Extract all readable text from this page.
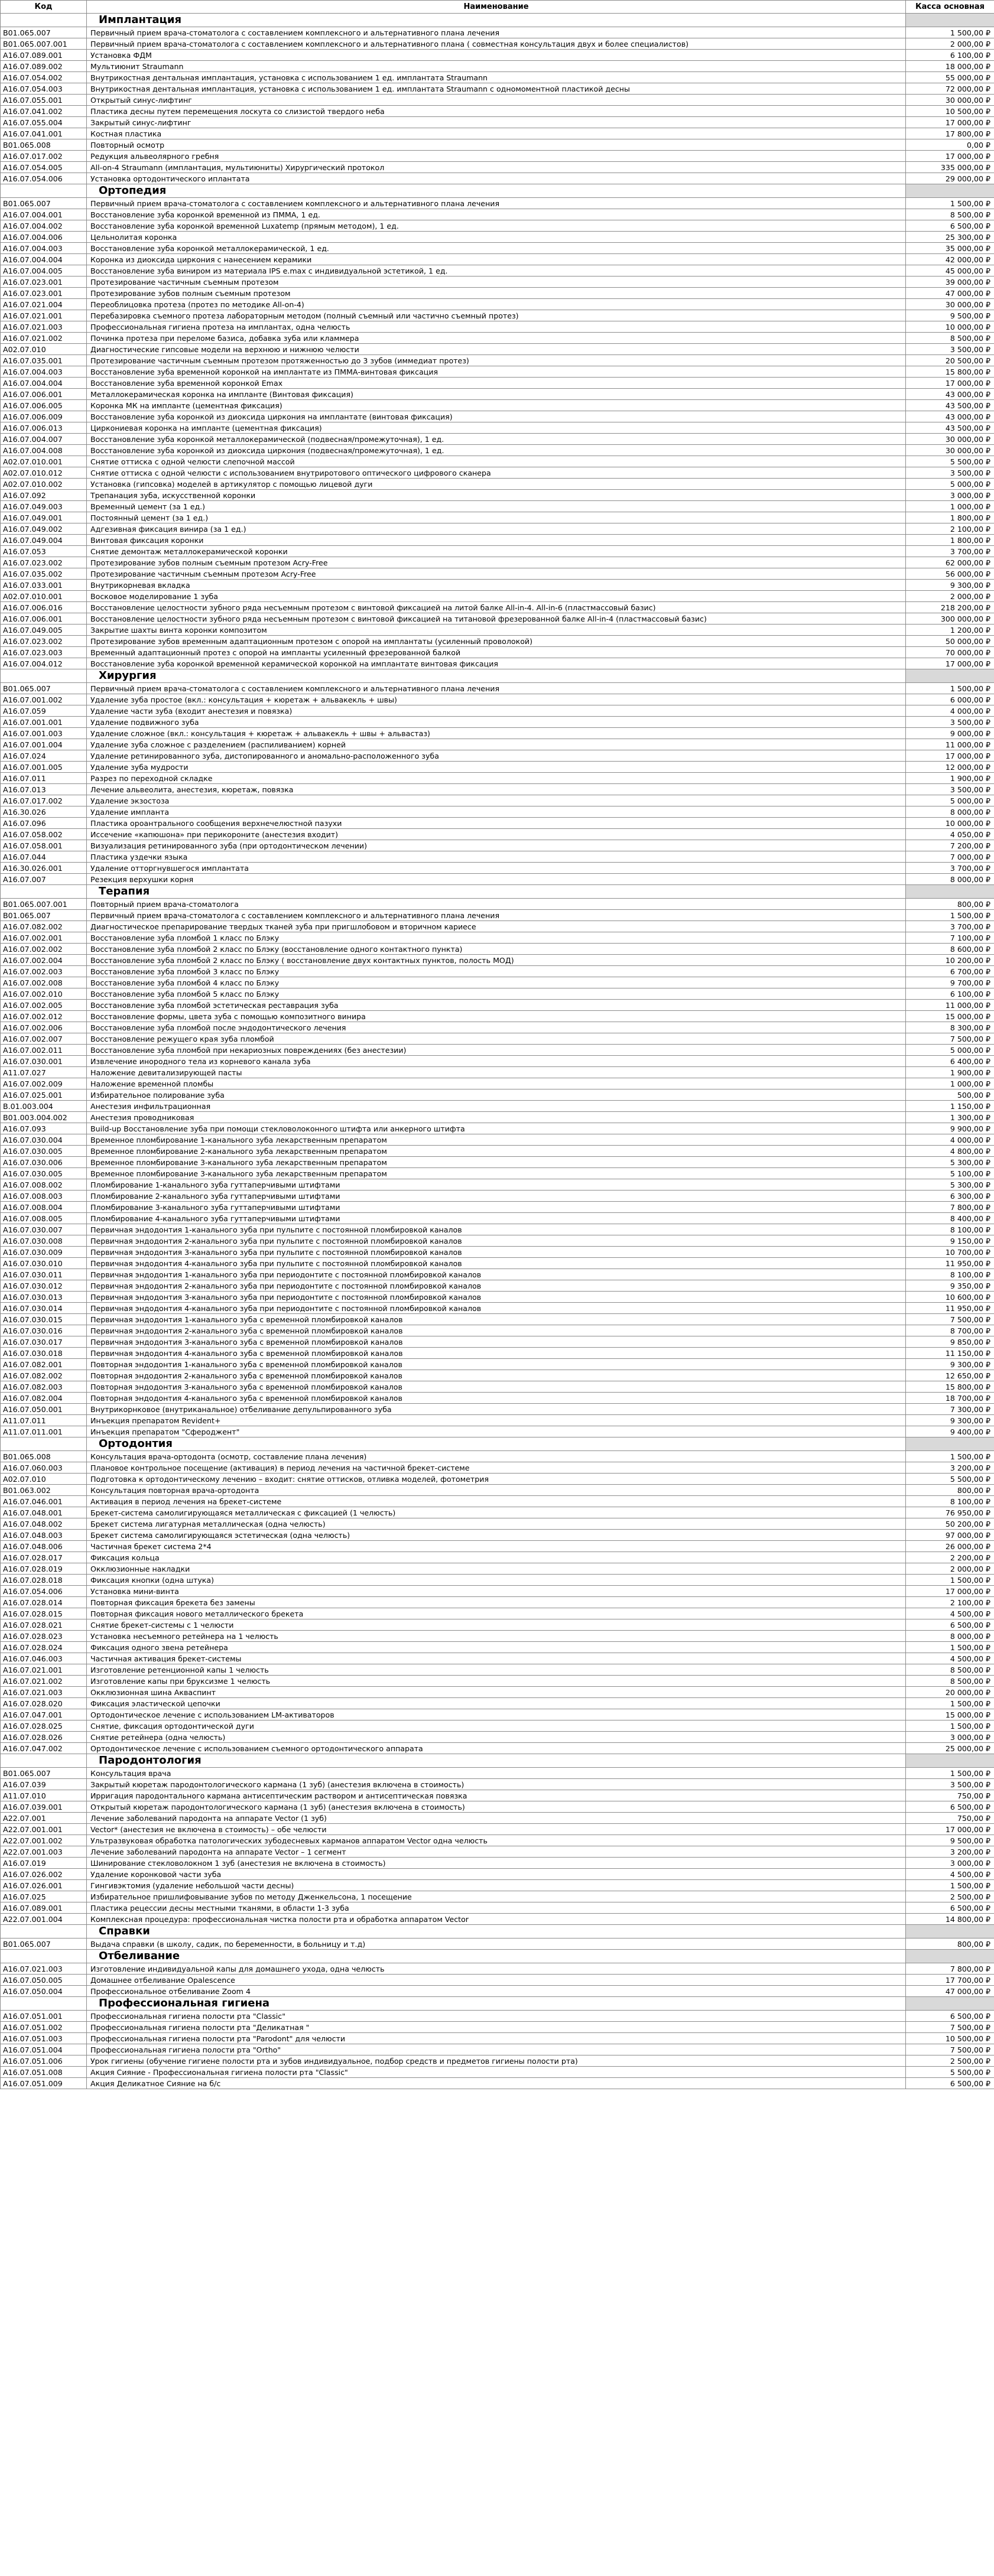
Код	Наименование	Касса основная
	Имплантация	
B01.065.007	Первичный прием врача-стоматолога с составлением комплексного и альтернативного плана лечения	1 500,00 ₽
B01.065.007.001	Первичный прием врача-стоматолога с составлением комплексного и альтернативного плана ( совместная консультация двух и более специалистов)	2 000,00 ₽
A16.07.089.001	Установка ФДМ	6 100,00 ₽
A16.07.089.002	Мультиюнит Straumann	18 000,00 ₽
A16.07.054.002	Внутрикостная дентальная имплантация, установка с использованием 1 ед. имплантата Straumann	55 000,00 ₽
A16.07.054.003	Внутрикостная дентальная имплантация, установка с использованием 1 ед. имплантата Straumann с одномоментной пластикой десны	72 000,00 ₽
A16.07.055.001	Открытый синус-лифтинг	30 000,00 ₽
A16.07.041.002	Пластика десны путем перемещения лоскута со слизистой твердого неба	10 500,00 ₽
A16.07.055.004	Закрытый синус-лифтинг	17 000,00 ₽
A16.07.041.001	Костная пластика	17 800,00 ₽
B01.065.008	Повторный осмотр	0,00 ₽
A16.07.017.002	Редукция альвеолярного гребня	17 000,00 ₽
A16.07.054.005	All-on-4 Straumann (имплантация, мультиюниты) Хирургический протокол	335 000,00 ₽
A16.07.054.006	Установка ортодонтического иплантата	29 000,00 ₽
	Ортопедия	
B01.065.007	Первичный прием врача-стоматолога с составлением комплексного и альтернативного плана лечения	1 500,00 ₽
A16.07.004.001	Восстановление зуба коронкой временной из ПММА, 1 ед.	8 500,00 ₽
A16.07.004.002	Восстановление зуба коронкой временной Luxatemp (прямым методом), 1 ед.	6 500,00 ₽
A16.07.004.006	Цельнолитая коронка	25 300,00 ₽
A16.07.004.003	Восстановление зуба коронкой металлокерамической, 1 ед.	35 000,00 ₽
A16.07.004.004	Коронка из диоксида циркония с нанесением керамики	42 000,00 ₽
A16.07.004.005	Восстановление зуба виниром из материала IPS e.max с индивидуальной эстетикой, 1 ед.	45 000,00 ₽
A16.07.023.001	Протезирование частичным съемным протезом	39 000,00 ₽
A16.07.023.001	Протезирование зубов полным съемным протезом	47 000,00 ₽
A16.07.021.004	Переоблицовка протеза (протез по методике All-on-4)	30 000,00 ₽
A16.07.021.001	Перебазировка съемного протеза лабораторным методом (полный съемный или частично съемный протез)	9 500,00 ₽
A16.07.021.003	Профессиональная гигиена протеза на имплантах, одна челюсть	10 000,00 ₽
A16.07.021.002	Починка протеза при переломе базиса, добавка зуба или кламмера	8 500,00 ₽
A02.07.010	Диагностические гипсовые модели на верхнюю и нижнюю челюсти	3 500,00 ₽
A16.07.035.001	Протезирование частичным съемным протезом протяженностью до 3 зубов (иммедиат протез)	20 500,00 ₽
A16.07.004.003	Восстановление зуба временной коронкой на имплантате из ПММА-винтовая фиксация	15 800,00 ₽
A16.07.004.004	Восстановление зуба временной коронкой Emax	17 000,00 ₽
A16.07.006.001	Металлокерамическая коронка на импланте (Винтовая фиксация)	43 000,00 ₽
A16.07.006.005	Коронка МК на импланте (цементная фиксация)	43 500,00 ₽
A16.07.006.009	Восстановление зуба коронкой из диоксида циркония на имплантате (винтовая фиксация)	43 000,00 ₽
A16.07.006.013	Циркониевая коронка на импланте (цементная фиксация)	43 500,00 ₽
A16.07.004.007	Восстановление зуба коронкой металлокерамической (подвесная/промежуточная), 1 ед.	30 000,00 ₽
A16.07.004.008	Восстановление зуба коронкой из диоксида циркония (подвесная/промежуточная), 1 ед.	30 000,00 ₽
A02.07.010.001	Снятие оттиска с одной челюсти слепочной массой	5 500,00 ₽
A02.07.010.012	Снятие оттиска с одной челюсти с использованием внутриротового оптического цифрового сканера	3 500,00 ₽
A02.07.010.002	Установка (гипсовка) моделей в артикулятор с помощью лицевой дуги	5 000,00 ₽
A16.07.092	Трепанация зуба, искусственной коронки	3 000,00 ₽
A16.07.049.003	Временный цемент (за 1 ед.)	1 000,00 ₽
A16.07.049.001	Постоянный цемент (за 1 ед.)	1 800,00 ₽
A16.07.049.002	Адгезивная фиксация винира (за 1 ед.)	2 100,00 ₽
A16.07.049.004	Винтовая фиксация коронки	1 800,00 ₽
A16.07.053	Снятие демонтаж металлокерамической коронки	3 700,00 ₽
A16.07.023.002	Протезирование зубов полным съемным протезом Acry-Free	62 000,00 ₽
A16.07.035.002	Протезирование частичным съемным протезом Acry-Free	56 000,00 ₽
A16.07.033.001	Внутрикорневая вкладка	9 300,00 ₽
A02.07.010.001	Восковое моделирование 1 зуба	2 000,00 ₽
A16.07.006.016	Восстановление целостности зубного ряда несъемным протезом с винтовой фиксацией на литой балке All-in-4. All-in-6 (пластмассовый базис)	218 200,00 ₽
A16.07.006.001	Восстановление целостности зубного ряда несъемным протезом с винтовой фиксацией на титановой фрезерованной балке All-in-4 (пластмассовый базис)	300 000,00 ₽
A16.07.049.005	Закрытие шахты винта коронки композитом	1 200,00 ₽
A16.07.023.002	Протезирование зубов временным адаптационным протезом с опорой на имплантаты (усиленный проволокой)	50 000,00 ₽
A16.07.023.003	Временный адаптационный протез с опорой на импланты усиленный фрезерованной балкой	70 000,00 ₽
A16.07.004.012	Восстановление зуба коронкой временной керамической коронкой на имплантате винтовая фиксация	17 000,00 ₽
	Хирургия	
B01.065.007	Первичный прием врача-стоматолога с составлением комплексного и альтернативного плана лечения	1 500,00 ₽
A16.07.001.002	Удаление зуба простое (вкл.: консультация + кюретаж + альвакекль + швы)	6 000,00 ₽
A16.07.059	Удаление части зуба (входит анестезия и повязка)	4 000,00 ₽
A16.07.001.001	Удаление подвижного зуба	3 500,00 ₽
A16.07.001.003	Удаление сложное (вкл.: консультация + кюретаж + альвакекль + швы + альвастаз)	9 000,00 ₽
A16.07.001.004	Удаление зуба сложное с разделением (распиливанием) корней	11 000,00 ₽
A16.07.024	Удаление ретинированного зуба, дистопированного и аномально-расположенного зуба	17 000,00 ₽
A16.07.001.005	Удаление зуба мудрости	12 000,00 ₽
A16.07.011	Разрез по переходной складке	1 900,00 ₽
A16.07.013	Лечение альвеолита, анестезия, кюретаж, повязка	3 500,00 ₽
A16.07.017.002	Удаление экзостоза	5 000,00 ₽
A16.30.026	Удаление импланта	8 000,00 ₽
A16.07.096	Пластика ороантрального сообщения верхнечелюстной пазухи	10 000,00 ₽
A16.07.058.002	Иссечение «капюшона» при перикороните (анестезия входит)	4 050,00 ₽
A16.07.058.001	Визуализация ретинированного зуба (при ортодонтическом лечении)	7 200,00 ₽
A16.07.044	Пластика уздечки языка	7 000,00 ₽
A16.30.026.001	Удаление отторгнувшегося имплантата	3 700,00 ₽
A16.07.007	Резекция верхушки корня	8 000,00 ₽
	Терапия	
B01.065.007.001	Повторный прием врача-стоматолога	800,00 ₽
B01.065.007	Первичный прием врача-стоматолога с составлением комплексного и альтернативного плана лечения	1 500,00 ₽
A16.07.082.002	Диагностическое препарирование твердых тканей зуба при пригшлобовом и вторичном кариесе	3 700,00 ₽
A16.07.002.001	Восстановление зуба пломбой 1 класс по Блэку	7 100,00 ₽
A16.07.002.002	Восстановление зуба пломбой 2 класс по Блэку (восстановление одного контактного пункта)	8 600,00 ₽
A16.07.002.004	Восстановление зуба пломбой 2 класс по Блэку ( восстановление двух контактных пунктов, полость МОД)	10 200,00 ₽
A16.07.002.003	Восстановление зуба пломбой 3 класс по Блэку	6 700,00 ₽
A16.07.002.008	Восстановление зуба пломбой 4 класс по Блэку	9 700,00 ₽
A16.07.002.010	Восстановление зуба пломбой 5 класс по Блэку	6 100,00 ₽
A16.07.002.005	Восстановление зуба пломбой эстетическая реставрация зуба	11 000,00 ₽
A16.07.002.012	Восстановление формы, цвета зуба с помощью композитного винира	15 000,00 ₽
A16.07.002.006	Восстановление зуба пломбой после эндодонтического лечения	8 300,00 ₽
A16.07.002.007	Восстановление режущего края зуба пломбой	7 500,00 ₽
A16.07.002.011	Восстановление зуба пломбой при некариозных повреждениях (без анестезии)	5 000,00 ₽
A16.07.030.001	Извлечение инородного тела из корневого канала зуба	6 400,00 ₽
A11.07.027	Наложение девитализирующей пасты	1 900,00 ₽
A16.07.002.009	Наложение временной пломбы	1 000,00 ₽
A16.07.025.001	Избирательное полирование зуба	500,00 ₽
B.01.003.004	Анестезия инфильтрационная	1 150,00 ₽
B01.003.004.002	Анестезия проводниковая	1 300,00 ₽
A16.07.093	Build-up Восстановление зуба при помощи стекловолоконного штифта или анкерного штифта	9 900,00 ₽
A16.07.030.004	Временное пломбирование 1-канального зуба лекарственным препаратом	4 000,00 ₽
A16.07.030.005	Временное пломбирование 2-канального зуба лекарственным препаратом	4 800,00 ₽
A16.07.030.006	Временное пломбирование 3-канального зуба лекарственным препаратом	5 300,00 ₽
A16.07.030.005	Временное пломбирование 3-канального зуба лекарственным препаратом	5 100,00 ₽
A16.07.008.002	Пломбирование 1-канального зуба гуттаперчивыми штифтами	5 300,00 ₽
A16.07.008.003	Пломбирование 2-канального зуба гуттаперчивыми штифтами	6 300,00 ₽
A16.07.008.004	Пломбирование 3-канального зуба гуттаперчивыми штифтами	7 800,00 ₽
A16.07.008.005	Пломбирование 4-канального зуба гуттаперчивыми штифтами	8 400,00 ₽
A16.07.030.007	Первичная эндодонтия 1-канального зуба при пульпите с постоянной пломбировкой каналов	8 100,00 ₽
A16.07.030.008	Первичная эндодонтия 2-канального зуба при пульпите с постоянной пломбировкой каналов	9 150,00 ₽
A16.07.030.009	Первичная эндодонтия 3-канального зуба при пульпите с постоянной пломбировкой каналов	10 700,00 ₽
A16.07.030.010	Первичная эндодонтия 4-канального зуба при пульпите с постоянной пломбировкой каналов	11 950,00 ₽
A16.07.030.011	Первичная эндодонтия 1-канального зуба при периодонтите с постоянной пломбировкой каналов	8 100,00 ₽
A16.07.030.012	Первичная эндодонтия 2-канального зуба при периодонтите с постоянной пломбировкой каналов	9 350,00 ₽
A16.07.030.013	Первичная эндодонтия 3-канального зуба при периодонтите с постоянной пломбировкой каналов	10 600,00 ₽
A16.07.030.014	Первичная эндодонтия 4-канального зуба при периодонтите с постоянной пломбировкой каналов	11 950,00 ₽
A16.07.030.015	Первичная эндодонтия 1-канального зуба с временной пломбировкой каналов	7 500,00 ₽
A16.07.030.016	Первичная эндодонтия 2-канального зуба с временной пломбировкой каналов	8 700,00 ₽
A16.07.030.017	Первичная эндодонтия 3-канального зуба с временной пломбировкой каналов	9 850,00 ₽
A16.07.030.018	Первичная эндодонтия 4-канального зуба с временной пломбировкой каналов	11 150,00 ₽
A16.07.082.001	Повторная эндодонтия 1-канального зуба с временной пломбировкой каналов	9 300,00 ₽
A16.07.082.002	Повторная эндодонтия 2-канального зуба с временной пломбировкой каналов	12 650,00 ₽
A16.07.082.003	Повторная эндодонтия 3-канального зуба с временной пломбировкой каналов	15 800,00 ₽
A16.07.082.004	Повторная эндодонтия 4-канального зуба с временной пломбировкой каналов	18 700,00 ₽
A16.07.050.001	Внутрикорнковое (внутриканальное) отбеливание депульпированного зуба	7 300,00 ₽
A11.07.011	Инъекция препаратом Revident+	9 300,00 ₽
A11.07.011.001	Инъекция препаратом "Сфероджент"	9 400,00 ₽
	Ортодонтия	
B01.065.008	Консультация врача-ортодонта (осмотр, составление плана лечения)	1 500,00 ₽
A16.07.060.003	Плановое контрольное посещение (активация) в период лечения на частичной брекет-системе	3 200,00 ₽
A02.07.010	Подготовка к ортодонтическому лечению – входит: снятие оттисков, отливка моделей, фотометрия	5 500,00 ₽
B01.063.002	Консультация повторная врача-ортодонта	800,00 ₽
A16.07.046.001	Активация в период лечения на брекет-системе	8 100,00 ₽
A16.07.048.001	Брекет-система самолигирующаяся металлическая с фиксацией (1 челюсть)	76 950,00 ₽
A16.07.048.002	Брекет система лигатурная металлическая (одна челюсть)	50 200,00 ₽
A16.07.048.003	Брекет система самолигирующаяся эстетическая (одна челюсть)	97 000,00 ₽
A16.07.048.006	Частичная брекет система 2*4	26 000,00 ₽
A16.07.028.017	Фиксация кольца	2 200,00 ₽
A16.07.028.019	Окклюзионные накладки	2 000,00 ₽
A16.07.028.018	Фиксация кнопки (одна штука)	1 500,00 ₽
A16.07.054.006	Установка мини-винта	17 000,00 ₽
A16.07.028.014	Повторная фиксация брекета без замены	2 100,00 ₽
A16.07.028.015	Повторная фиксация нового металлического брекета	4 500,00 ₽
A16.07.028.021	Снятие брекет-системы с 1 челюсти	6 500,00 ₽
A16.07.028.023	Установка несъемного ретейнера на 1 челюсть	8 000,00 ₽
A16.07.028.024	Фиксация одного звена ретейнера	1 500,00 ₽
A16.07.046.003	Частичная активация брекет-системы	4 500,00 ₽
A16.07.021.001	Изготовление ретенционной капы 1 челюсть	8 500,00 ₽
A16.07.021.002	Изготовление капы при бруксизме 1 челюсть	8 500,00 ₽
A16.07.021.003	Окклюзионная шина Акваспинт	20 000,00 ₽
A16.07.028.020	Фиксация эластической цепочки	1 500,00 ₽
A16.07.047.001	Ортодонтическое лечение с использованием LM-активаторов	15 000,00 ₽
A16.07.028.025	Снятие, фиксация ортодонтической дуги	1 500,00 ₽
A16.07.028.026	Снятие ретейнера (одна челюсть)	3 000,00 ₽
A16.07.047.002	Ортодонтическое лечение с использованием съемного ортодонтического аппарата	25 000,00 ₽
	Пародонтология	
B01.065.007	Консультация врача	1 500,00 ₽
A16.07.039	Закрытый кюретаж пародонтологического кармана (1 зуб) (анестезия включена в стоимость)	3 500,00 ₽
A11.07.010	Ирригация пародонтального кармана антисептическим раствором и антисептическая повязка	750,00 ₽
A16.07.039.001	Открытый кюретаж пародонтологического кармана (1 зуб) (анестезия включена в стоимость)	6 500,00 ₽
A22.07.001	Лечение заболеваний пародонта на аппарате Vector (1 зуб)	750,00 ₽
A22.07.001.001	Vector* (анестезия не включена в стоимость) – обе челюсти	17 000,00 ₽
A22.07.001.002	Ультразвуковая обработка патологических зубодесневых карманов аппаратом Vector одна челюсть	9 500,00 ₽
A22.07.001.003	Лечение заболеваний пародонта на аппарате Vector – 1 сегмент	3 200,00 ₽
A16.07.019	Шинирование стекловолокном 1 зуб (анестезия не включена в стоимость)	3 000,00 ₽
A16.07.026.002	Удаление коронковой части зуба	4 500,00 ₽
A16.07.026.001	Гингивэктомия (удаление небольшой части десны)	1 500,00 ₽
A16.07.025	Избирательное пришлифовывание зубов по методу Дженкельсона, 1 посещение	2 500,00 ₽
A16.07.089.001	Пластика рецессии десны местными тканями, в области 1-3 зуба	6 500,00 ₽
A22.07.001.004	Комплексная процедура: профессиональная чистка полости рта и обработка аппаратом Vector	14 800,00 ₽
	Справки	
B01.065.007	Выдача справки (в школу, садик, по беременности, в больницу и т.д)	800,00 ₽
	Отбеливание	
A16.07.021.003	Изготовление индивидуальной капы для домашнего ухода, одна челюсть	7 800,00 ₽
A16.07.050.005	Домашнее отбеливание Opalescence	17 700,00 ₽
A16.07.050.004	Профессиональное отбеливание Zoom 4	47 000,00 ₽
	Профессиональная гигиена	
A16.07.051.001	Профессиональная гигиена полости рта "Classic"	6 500,00 ₽
A16.07.051.002	Профессиональная гигиена полости рта "Деликатная "	7 500,00 ₽
A16.07.051.003	Профессиональная гигиена полости рта "Parodont" для челюсти	10 500,00 ₽
A16.07.051.004	Профессиональная гигиена полости рта "Ortho"	7 500,00 ₽
A16.07.051.006	Урок гигиены (обучение гигиене полости рта и зубов индивидуальное, подбор средств и предметов гигиены полости рта)	2 500,00 ₽
A16.07.051.008	Акция Сияние - Профессиональная гигиена полости рта "Classic"	5 500,00 ₽
A16.07.051.009	Акция Деликатное Сияние на б/с	6 500,00 ₽
